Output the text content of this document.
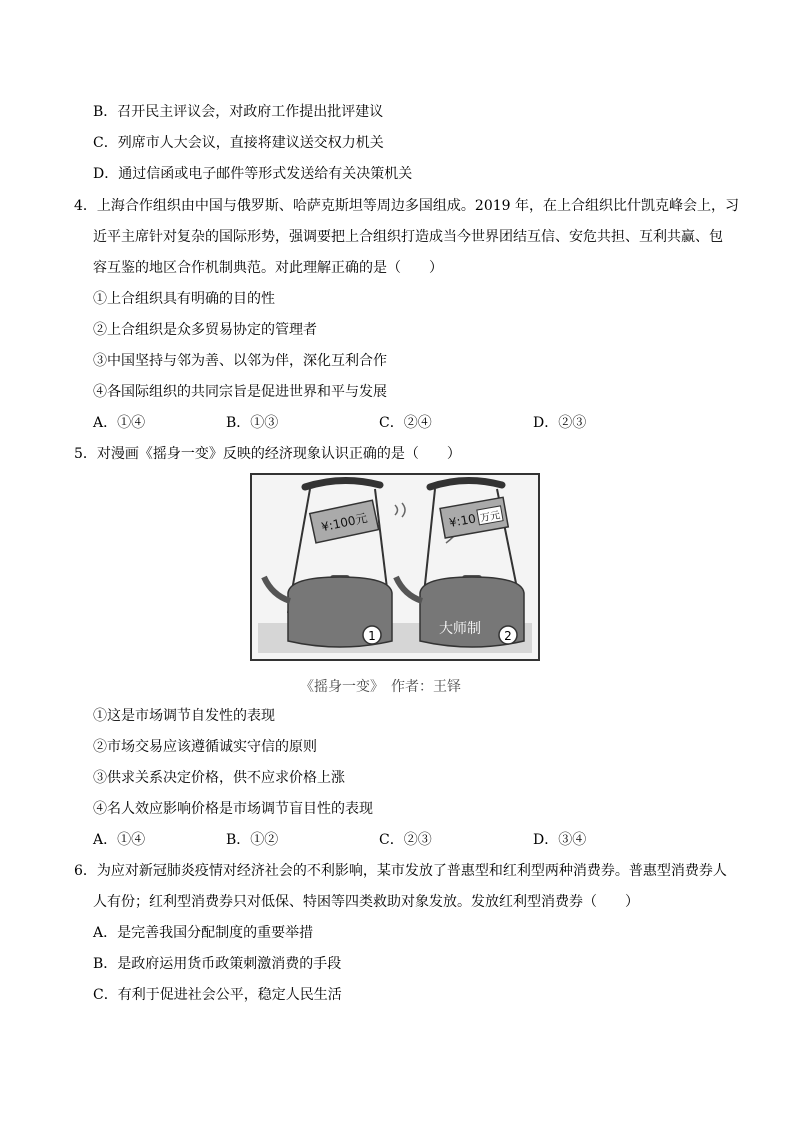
B．召开民主评议会，对政府工作提出批评建议
C．列席市人大会议，直接将建议送交权力机关
D．通过信函或电子邮件等形式发送给有关决策机关
4．上海合作组织由中国与俄罗斯、哈萨克斯坦等周边多国组成。2019 年，在上合组织比什凯克峰会上，习
近平主席针对复杂的国际形势，强调要把上合组织打造成当今世界团结互信、安危共担、互利共赢、包
容互鉴的地区合作机制典范。对此理解正确的是（　　）
①上合组织具有明确的目的性
②上合组织是众多贸易协定的管理者
③中国坚持与邻为善、以邻为伴，深化互利合作
④各国际组织的共同宗旨是促进世界和平与发展
A．①④	B．①③	C．②④	D．②③
5．对漫画《摇身一变》反映的经济现象认识正确的是（　　）
¥:100元
1
¥:10 万元
大师制 2
《摇身一变》　作者：王铎
①这是市场调节自发性的表现
②市场交易应该遵循诚实守信的原则
③供求关系决定价格，供不应求价格上涨
④名人效应影响价格是市场调节盲目性的表现
A．①④	B．①②	C．②③	D．③④
6．为应对新冠肺炎疫情对经济社会的不利影响，某市发放了普惠型和红利型两种消费券。普惠型消费券人
人有份；红利型消费券只对低保、特困等四类救助对象发放。发放红利型消费券（　　）
A．是完善我国分配制度的重要举措
B．是政府运用货币政策刺激消费的手段
C．有利于促进社会公平，稳定人民生活
